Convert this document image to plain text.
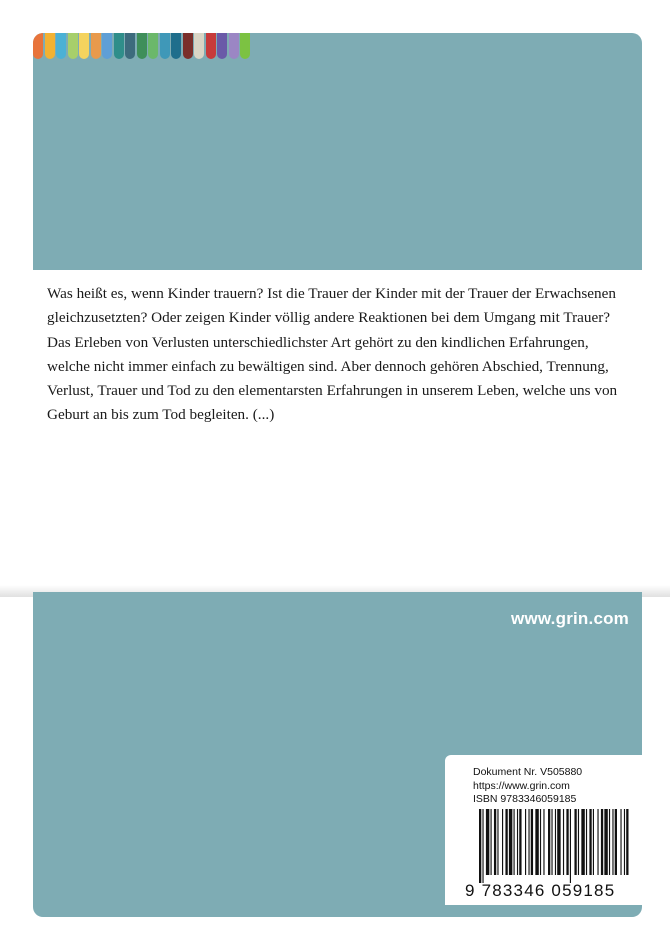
Was heißt es, wenn Kinder trauern? Ist die Trauer der Kinder mit der Trauer der Erwachsenen gleichzusetzten? Oder zeigen Kinder völlig andere Reaktionen bei dem Umgang mit Trauer? Das Erleben von Verlusten unterschiedlichster Art gehört zu den kindlichen Erfahrungen, welche nicht immer einfach zu bewältigen sind. Aber dennoch gehören Abschied, Trennung, Verlust, Trauer und Tod zu den elementarsten Erfahrungen in unserem Leben, welche uns von Geburt an bis zum Tod begleiten. (...)

www.grin.com
Dokument Nr. V505880
https://www.grin.com
ISBN 9783346059185
9 783346 059185
